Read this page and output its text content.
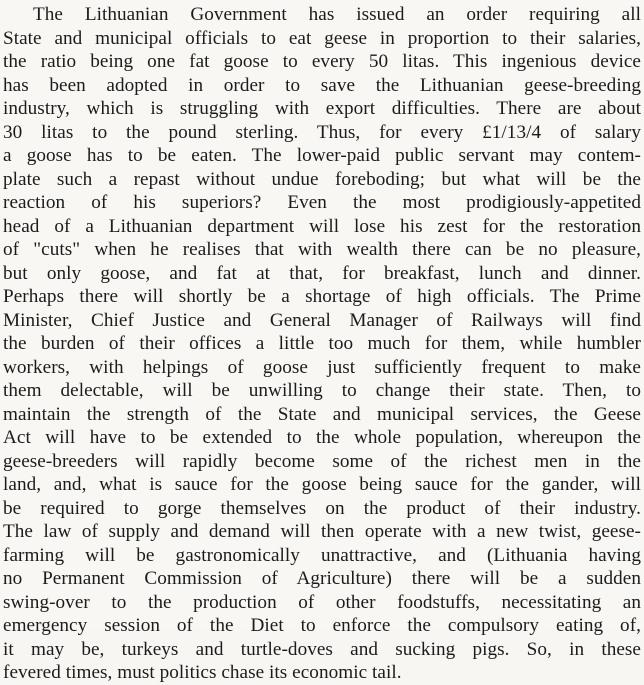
The Lithuanian Government has issued an order requiring all
State and municipal officials to eat geese in proportion to their salaries,
the ratio being one fat goose to every 50 litas. This ingenious device
has been adopted in order to save the Lithuanian geese-breeding
industry, which is struggling with export difficulties. There are about
30 litas to the pound sterling. Thus, for every £1/13/4 of salary
a goose has to be eaten. The lower-paid public servant may contem-
plate such a repast without undue foreboding; but what will be the
reaction of his superiors? Even the most prodigiously-appetited
head of a Lithuanian department will lose his zest for the restoration
of "cuts" when he realises that with wealth there can be no pleasure,
but only goose, and fat at that, for breakfast, lunch and dinner.
Perhaps there will shortly be a shortage of high officials. The Prime
Minister, Chief Justice and General Manager of Railways will find
the burden of their offices a little too much for them, while humbler
workers, with helpings of goose just sufficiently frequent to make
them delectable, will be unwilling to change their state. Then, to
maintain the strength of the State and municipal services, the Geese
Act will have to be extended to the whole population, whereupon the
geese-breeders will rapidly become some of the richest men in the
land, and, what is sauce for the goose being sauce for the gander, will
be required to gorge themselves on the product of their industry.
The law of supply and demand will then operate with a new twist, geese-
farming will be gastronomically unattractive, and (Lithuania having
no Permanent Commission of Agriculture) there will be a sudden
swing-over to the production of other foodstuffs, necessitating an
emergency session of the Diet to enforce the compulsory eating of,
it may be, turkeys and turtle-doves and sucking pigs. So, in these
fevered times, must politics chase its economic tail.
